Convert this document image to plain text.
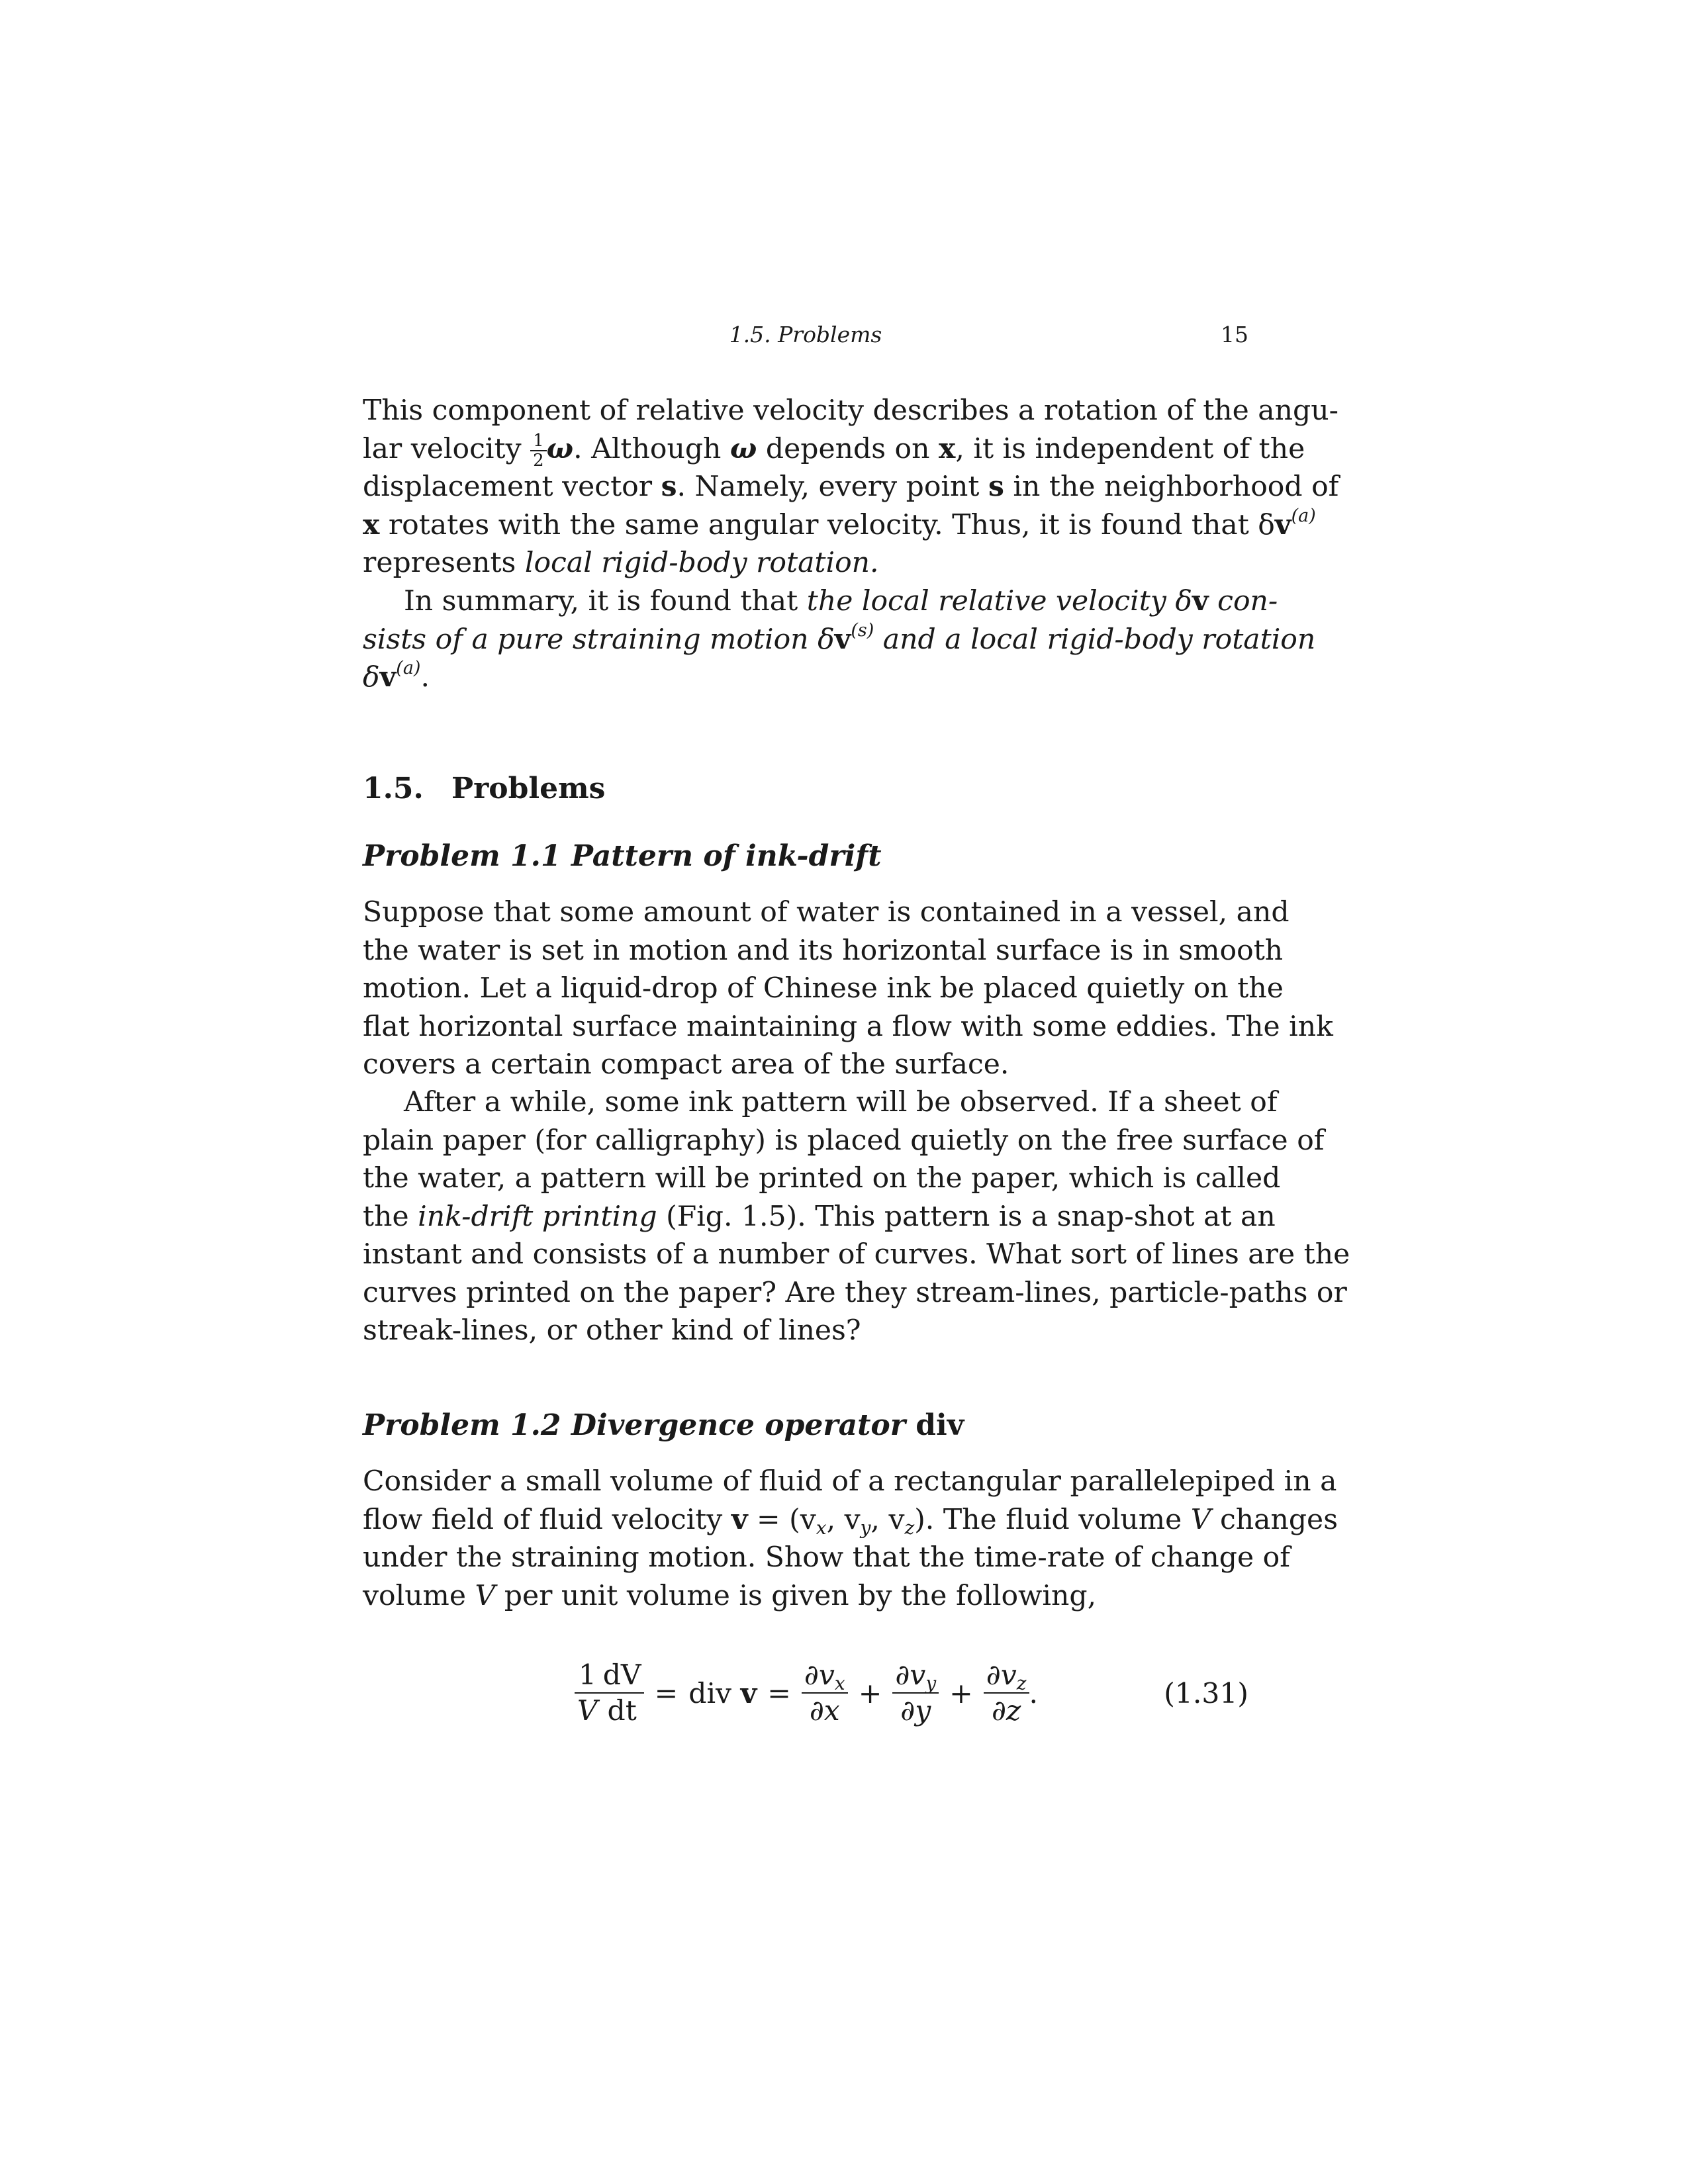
1.5. Problems	15
This component of relative velocity describes a rotation of the angu-
lar velocity $\frac{1}{2} \omega$. Although ω depends on x, it is independent of the
displacement vector s. Namely, every point s in the neighborhood of
x rotates with the same angular velocity. Thus, it is found that $\delta v^{(a)}$
represents local rigid-body rotation.
In summary, it is found that the local relative velocity δv con-
sists of a pure straining motion $\delta v^{(s)}$ and a local rigid-body rotation
$\delta v^{(a)}$.
1.5. Problems
Problem 1.1 Pattern of ink-drift
Suppose that some amount of water is contained in a vessel, and
the water is set in motion and its horizontal surface is in smooth
motion. Let a liquid-drop of Chinese ink be placed quietly on the
flat horizontal surface maintaining a flow with some eddies. The ink
covers a certain compact area of the surface.
After a while, some ink pattern will be observed. If a sheet of
plain paper (for calligraphy) is placed quietly on the free surface of
the water, a pattern will be printed on the paper, which is called
the ink-drift printing (Fig. 1.5). This pattern is a snap-shot at an
instant and consists of a number of curves. What sort of lines are the
curves printed on the paper? Are they stream-lines, particle-paths or
streak-lines, or other kind of lines?
Problem 1.2 Divergence operator div
Consider a small volume of fluid of a rectangular parallelepiped in a
flow field of fluid velocity $v = (v_x$, $v_y$, $v_z$). The fluid volume V changes
under the straining motion. Show that the time-rate of change of
volume V per unit volume is given by the following,
$\frac{1}{V} \frac{dV}{dt}$ = div
$v = \frac{\partial v_x}{\partial x} + \frac{\partial v_y}{\partial y} + \frac{\partial v_z}{\partial z}$ .	(1.31)
